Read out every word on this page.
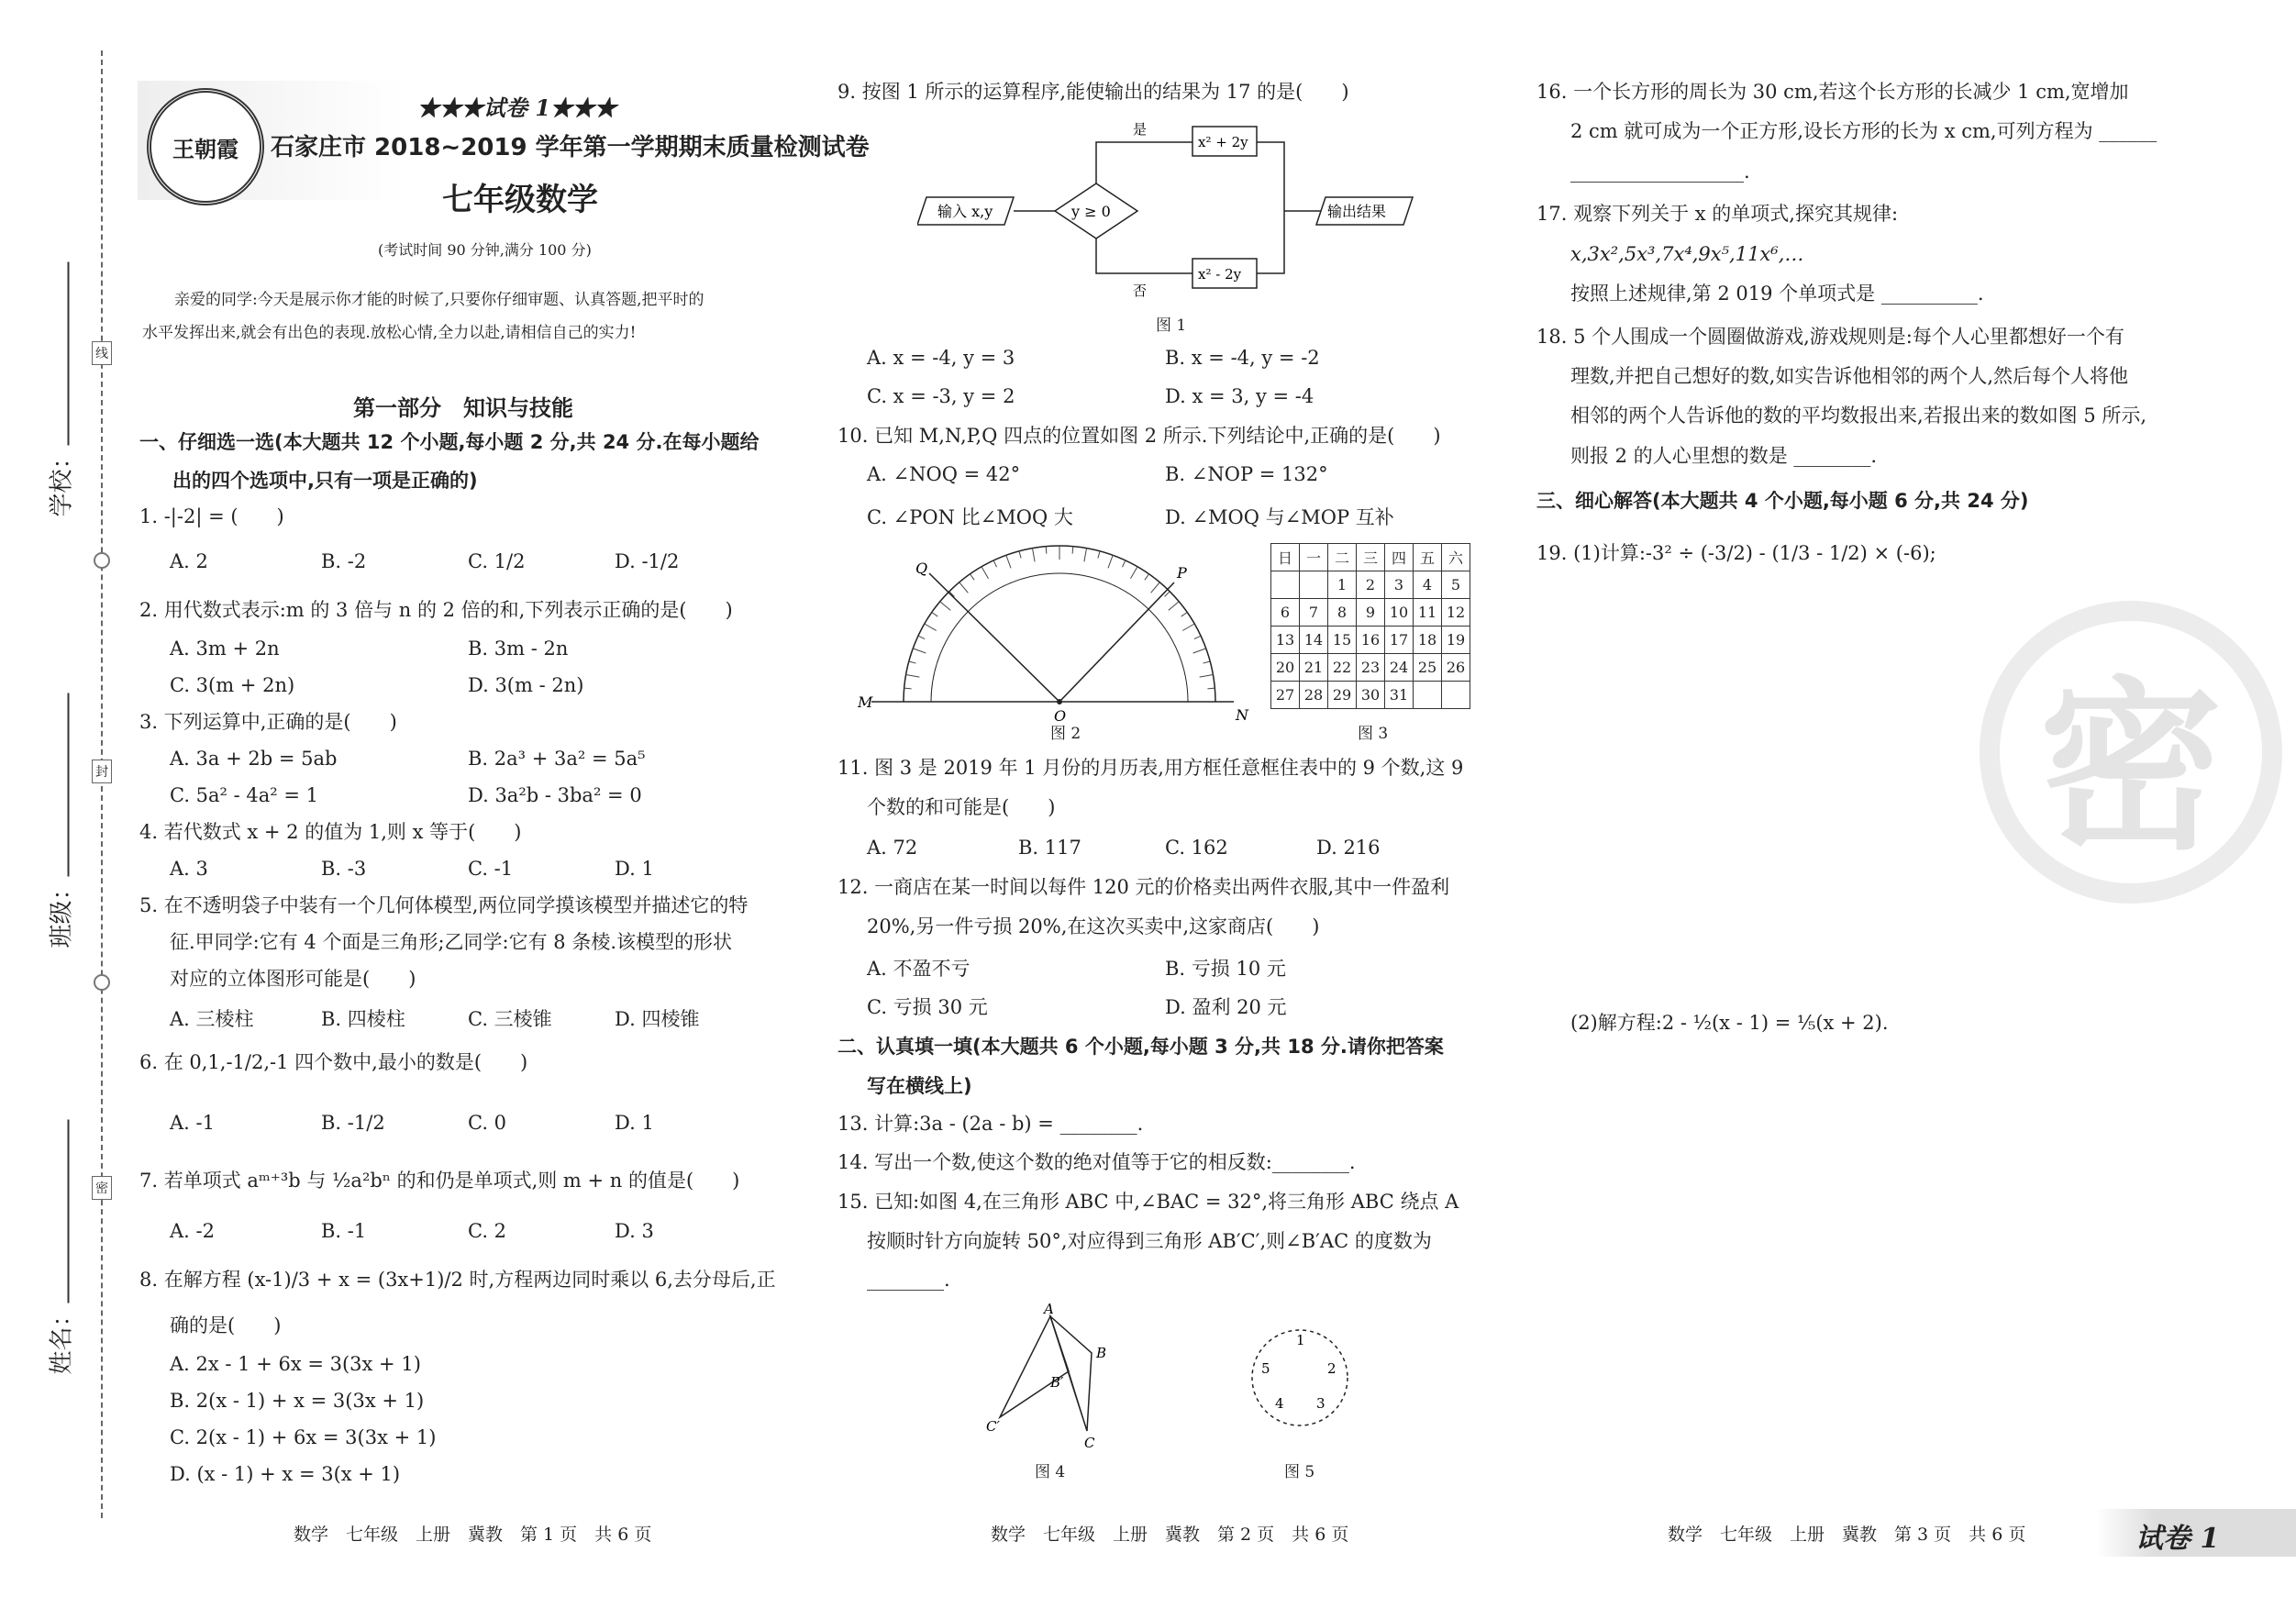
线
封
密
学校：
班级：
姓名：
王朝霞
★★★试卷 1★★★
石家庄市 2018~2019 学年第一学期期末质量检测试卷
七年级数学
(考试时间 90 分钟,满分 100 分)
亲爱的同学:今天是展示你才能的时候了,只要你仔细审题、认真答题,把平时的
水平发挥出来,就会有出色的表现.放松心情,全力以赴,请相信自己的实力!
第一部分　知识与技能
一、仔细选一选(本大题共 12 个小题,每小题 2 分,共 24 分.在每小题给
出的四个选项中,只有一项是正确的)
1. -|-2| = (　　)
A. 2	B. -2	C. 1/2	D. -1/2
2. 用代数式表示:m 的 3 倍与 n 的 2 倍的和,下列表示正确的是(　　)
A. 3m + 2n	B. 3m - 2n
C. 3(m + 2n)	D. 3(m - 2n)
3. 下列运算中,正确的是(　　)
A. 3a + 2b = 5ab	B. 2a³ + 3a² = 5a⁵
C. 5a² - 4a² = 1	D. 3a²b - 3ba² = 0
4. 若代数式 x + 2 的值为 1,则 x 等于(　　)
A. 3	B. -3	C. -1	D. 1
5. 在不透明袋子中装有一个几何体模型,两位同学摸该模型并描述它的特
征.甲同学:它有 4 个面是三角形;乙同学:它有 8 条棱.该模型的形状
对应的立体图形可能是(　　)
A. 三棱柱	B. 四棱柱	C. 三棱锥	D. 四棱锥
6. 在 0,1,-1/2,-1 四个数中,最小的数是(　　)
A. -1	B. -1/2	C. 0	D. 1
7. 若单项式 aᵐ⁺³b 与 ½a²bⁿ 的和仍是单项式,则 m + n 的值是(　　)
A. -2	B. -1	C. 2	D. 3
8. 在解方程 (x-1)/3 + x = (3x+1)/2 时,方程两边同时乘以 6,去分母后,正
确的是(　　)
A. 2x - 1 + 6x = 3(3x + 1)
B. 2(x - 1) + x = 3(3x + 1)
C. 2(x - 1) + 6x = 3(3x + 1)
D. (x - 1) + x = 3(x + 1)
数学　七年级　上册　冀教　第 1 页　共 6 页
9. 按图 1 所示的运算程序,能使输出的结果为 17 的是(　　)
输入 x,y	y ≥ 0
是
否
x² + 2y
x² - 2y
输出结果
图 1
A. x = -4, y = 3	B. x = -4, y = -2
C. x = -3, y = 2	D. x = 3, y = -4
10. 已知 M,N,P,Q 四点的位置如图 2 所示.下列结论中,正确的是(　　)
A. ∠NOQ = 42°	B. ∠NOP = 132°
C. ∠PON 比∠MOQ 大	D. ∠MOQ 与∠MOP 互补
M
N
O
P
Q
图 2
日	一	二	三	四	五	六
		1	2	3	4	5
6	7	8	9	10	11	12
13	14	15	16	17	18	19
20	21	22	23	24	25	26
27	28	29	30	31		
图 3
11. 图 3 是 2019 年 1 月份的月历表,用方框任意框住表中的 9 个数,这 9
个数的和可能是(　　)
A. 72	B. 117	C. 162	D. 216
12. 一商店在某一时间以每件 120 元的价格卖出两件衣服,其中一件盈利
20%,另一件亏损 20%,在这次买卖中,这家商店(　　)
A. 不盈不亏	B. 亏损 10 元
C. 亏损 30 元	D. 盈利 20 元
二、认真填一填(本大题共 6 个小题,每小题 3 分,共 18 分.请你把答案
写在横线上)
13. 计算:3a - (2a - b) = ________.
14. 写出一个数,使这个数的绝对值等于它的相反数:________.
15. 已知:如图 4,在三角形 ABC 中,∠BAC = 32°,将三角形 ABC 绕点 A
按顺时针方向旋转 50°,对应得到三角形 AB′C′,则∠B′AC 的度数为
________.
A
B
C
B′
C′
图 4
1
2
3
4
5
图 5
数学　七年级　上册　冀教　第 2 页　共 6 页
16. 一个长方形的周长为 30 cm,若这个长方形的长减少 1 cm,宽增加
2 cm 就可成为一个正方形,设长方形的长为 x cm,可列方程为 ______
__________________.
17. 观察下列关于 x 的单项式,探究其规律:
x,3x²,5x³,7x⁴,9x⁵,11x⁶,…
按照上述规律,第 2 019 个单项式是 __________.
18. 5 个人围成一个圆圈做游戏,游戏规则是:每个人心里都想好一个有
理数,并把自己想好的数,如实告诉他相邻的两个人,然后每个人将他
相邻的两个人告诉他的数的平均数报出来,若报出来的数如图 5 所示,
则报 2 的人心里想的数是 ________.
三、细心解答(本大题共 4 个小题,每小题 6 分,共 24 分)
19. (1)计算:-3² ÷ (-3/2) - (1/3 - 1/2) × (-6);
(2)解方程:2 - ½(x - 1) = ⅕(x + 2).
密
数学　七年级　上册　冀教　第 3 页　共 6 页	试卷 1
